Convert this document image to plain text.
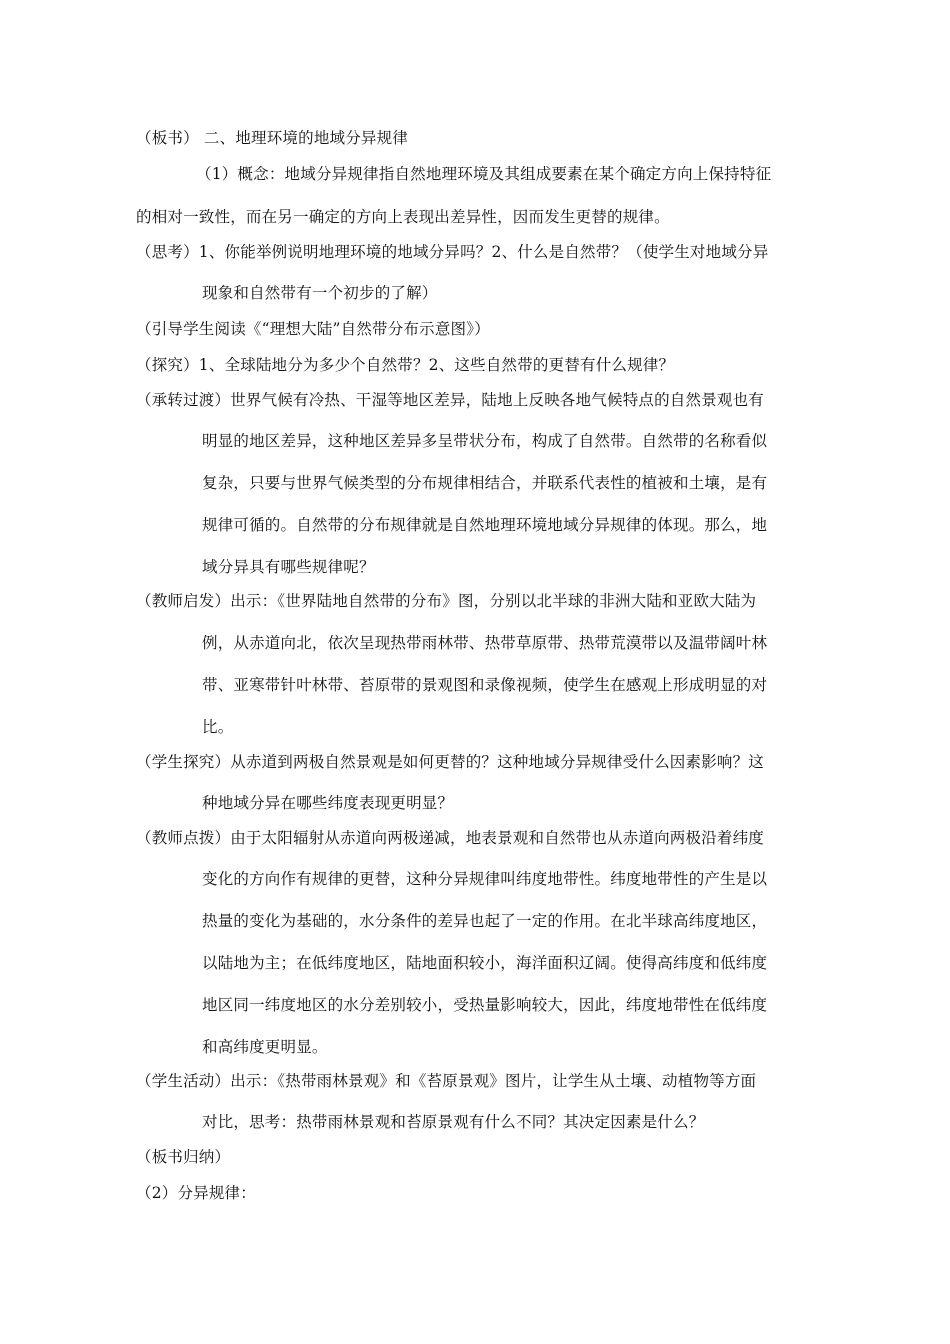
（板书） 二、地理环境的地域分异规律
（1）概念：地域分异规律指自然地理环境及其组成要素在某个确定方向上保持特征
的相对一致性，而在另一确定的方向上表现出差异性，因而发生更替的规律。
（思考）1、你能举例说明地理环境的地域分异吗？2、什么是自然带？（使学生对地域分异
现象和自然带有一个初步的了解）
（引导学生阅读《“理想大陆”自然带分布示意图》）
（探究）1、全球陆地分为多少个自然带？2、这些自然带的更替有什么规律？
（承转过渡）世界气候有冷热、干湿等地区差异，陆地上反映各地气候特点的自然景观也有
明显的地区差异，这种地区差异多呈带状分布，构成了自然带。自然带的名称看似
复杂，只要与世界气候类型的分布规律相结合，并联系代表性的植被和土壤，是有
规律可循的。自然带的分布规律就是自然地理环境地域分异规律的体现。那么，地
域分异具有哪些规律呢？
（教师启发）出示：《世界陆地自然带的分布》图，分别以北半球的非洲大陆和亚欧大陆为
例，从赤道向北，依次呈现热带雨林带、热带草原带、热带荒漠带以及温带阔叶林
带、亚寒带针叶林带、苔原带的景观图和录像视频，使学生在感观上形成明显的对
比。
（学生探究）从赤道到两极自然景观是如何更替的？这种地域分异规律受什么因素影响？这
种地域分异在哪些纬度表现更明显？
（教师点拨）由于太阳辐射从赤道向两极递减，地表景观和自然带也从赤道向两极沿着纬度
变化的方向作有规律的更替，这种分异规律叫纬度地带性。纬度地带性的产生是以
热量的变化为基础的，水分条件的差异也起了一定的作用。在北半球高纬度地区，
以陆地为主；在低纬度地区，陆地面积较小，海洋面积辽阔。使得高纬度和低纬度
地区同一纬度地区的水分差别较小，受热量影响较大，因此，纬度地带性在低纬度
和高纬度更明显。
（学生活动）出示：《热带雨林景观》和《苔原景观》图片，让学生从土壤、动植物等方面
对比，思考：热带雨林景观和苔原景观有什么不同？其决定因素是什么？
（板书归纳）
（2）分异规律：
